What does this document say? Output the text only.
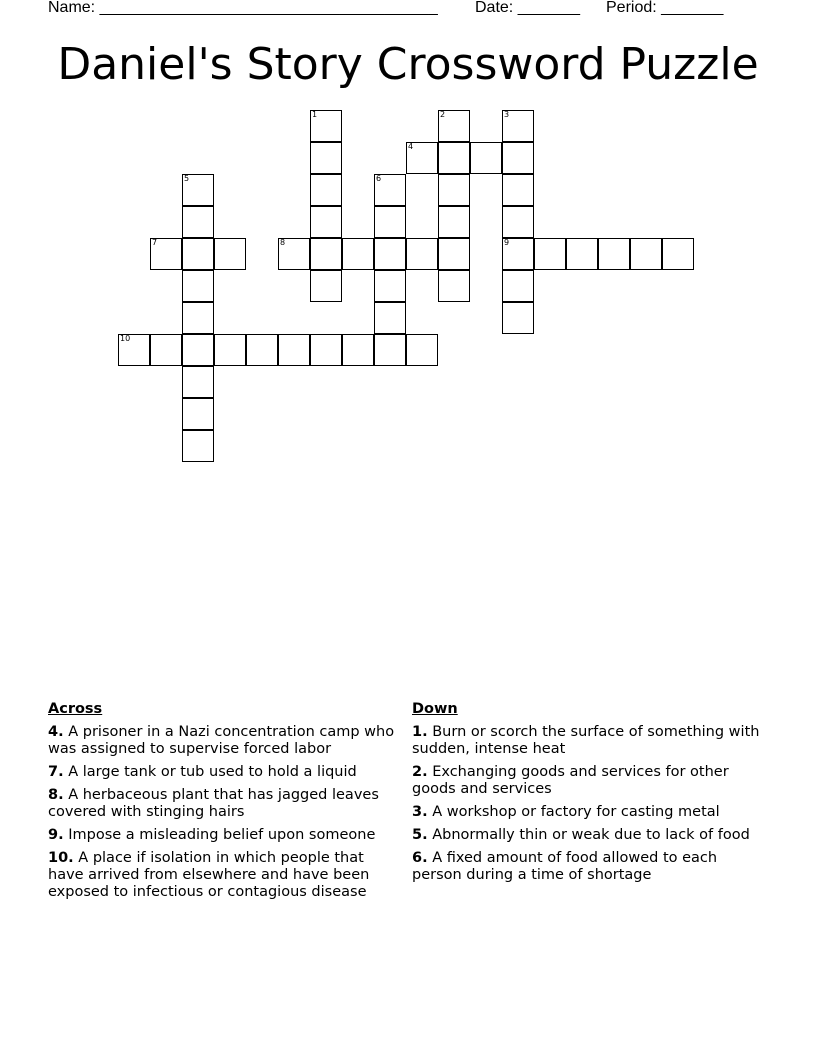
Name: ______________________________________ Date: _______ Period: _______
Daniel's Story Crossword Puzzle
1	2	3
9
4
5	6
7	8
10
Across
4. A prisoner in a Nazi concentration camp who was assigned to supervise forced labor
7. A large tank or tub used to hold a liquid
8. A herbaceous plant that has jagged leaves covered with stinging hairs
9. Impose a misleading belief upon someone
10. A place if isolation in which people that have arrived from elsewhere and have been exposed to infectious or contagious disease
Down
1. Burn or scorch the surface of something with sudden, intense heat
2. Exchanging goods and services for other goods and services
3. A workshop or factory for casting metal
5. Abnormally thin or weak due to lack of food
6. A fixed amount of food allowed to each person during a time of shortage
